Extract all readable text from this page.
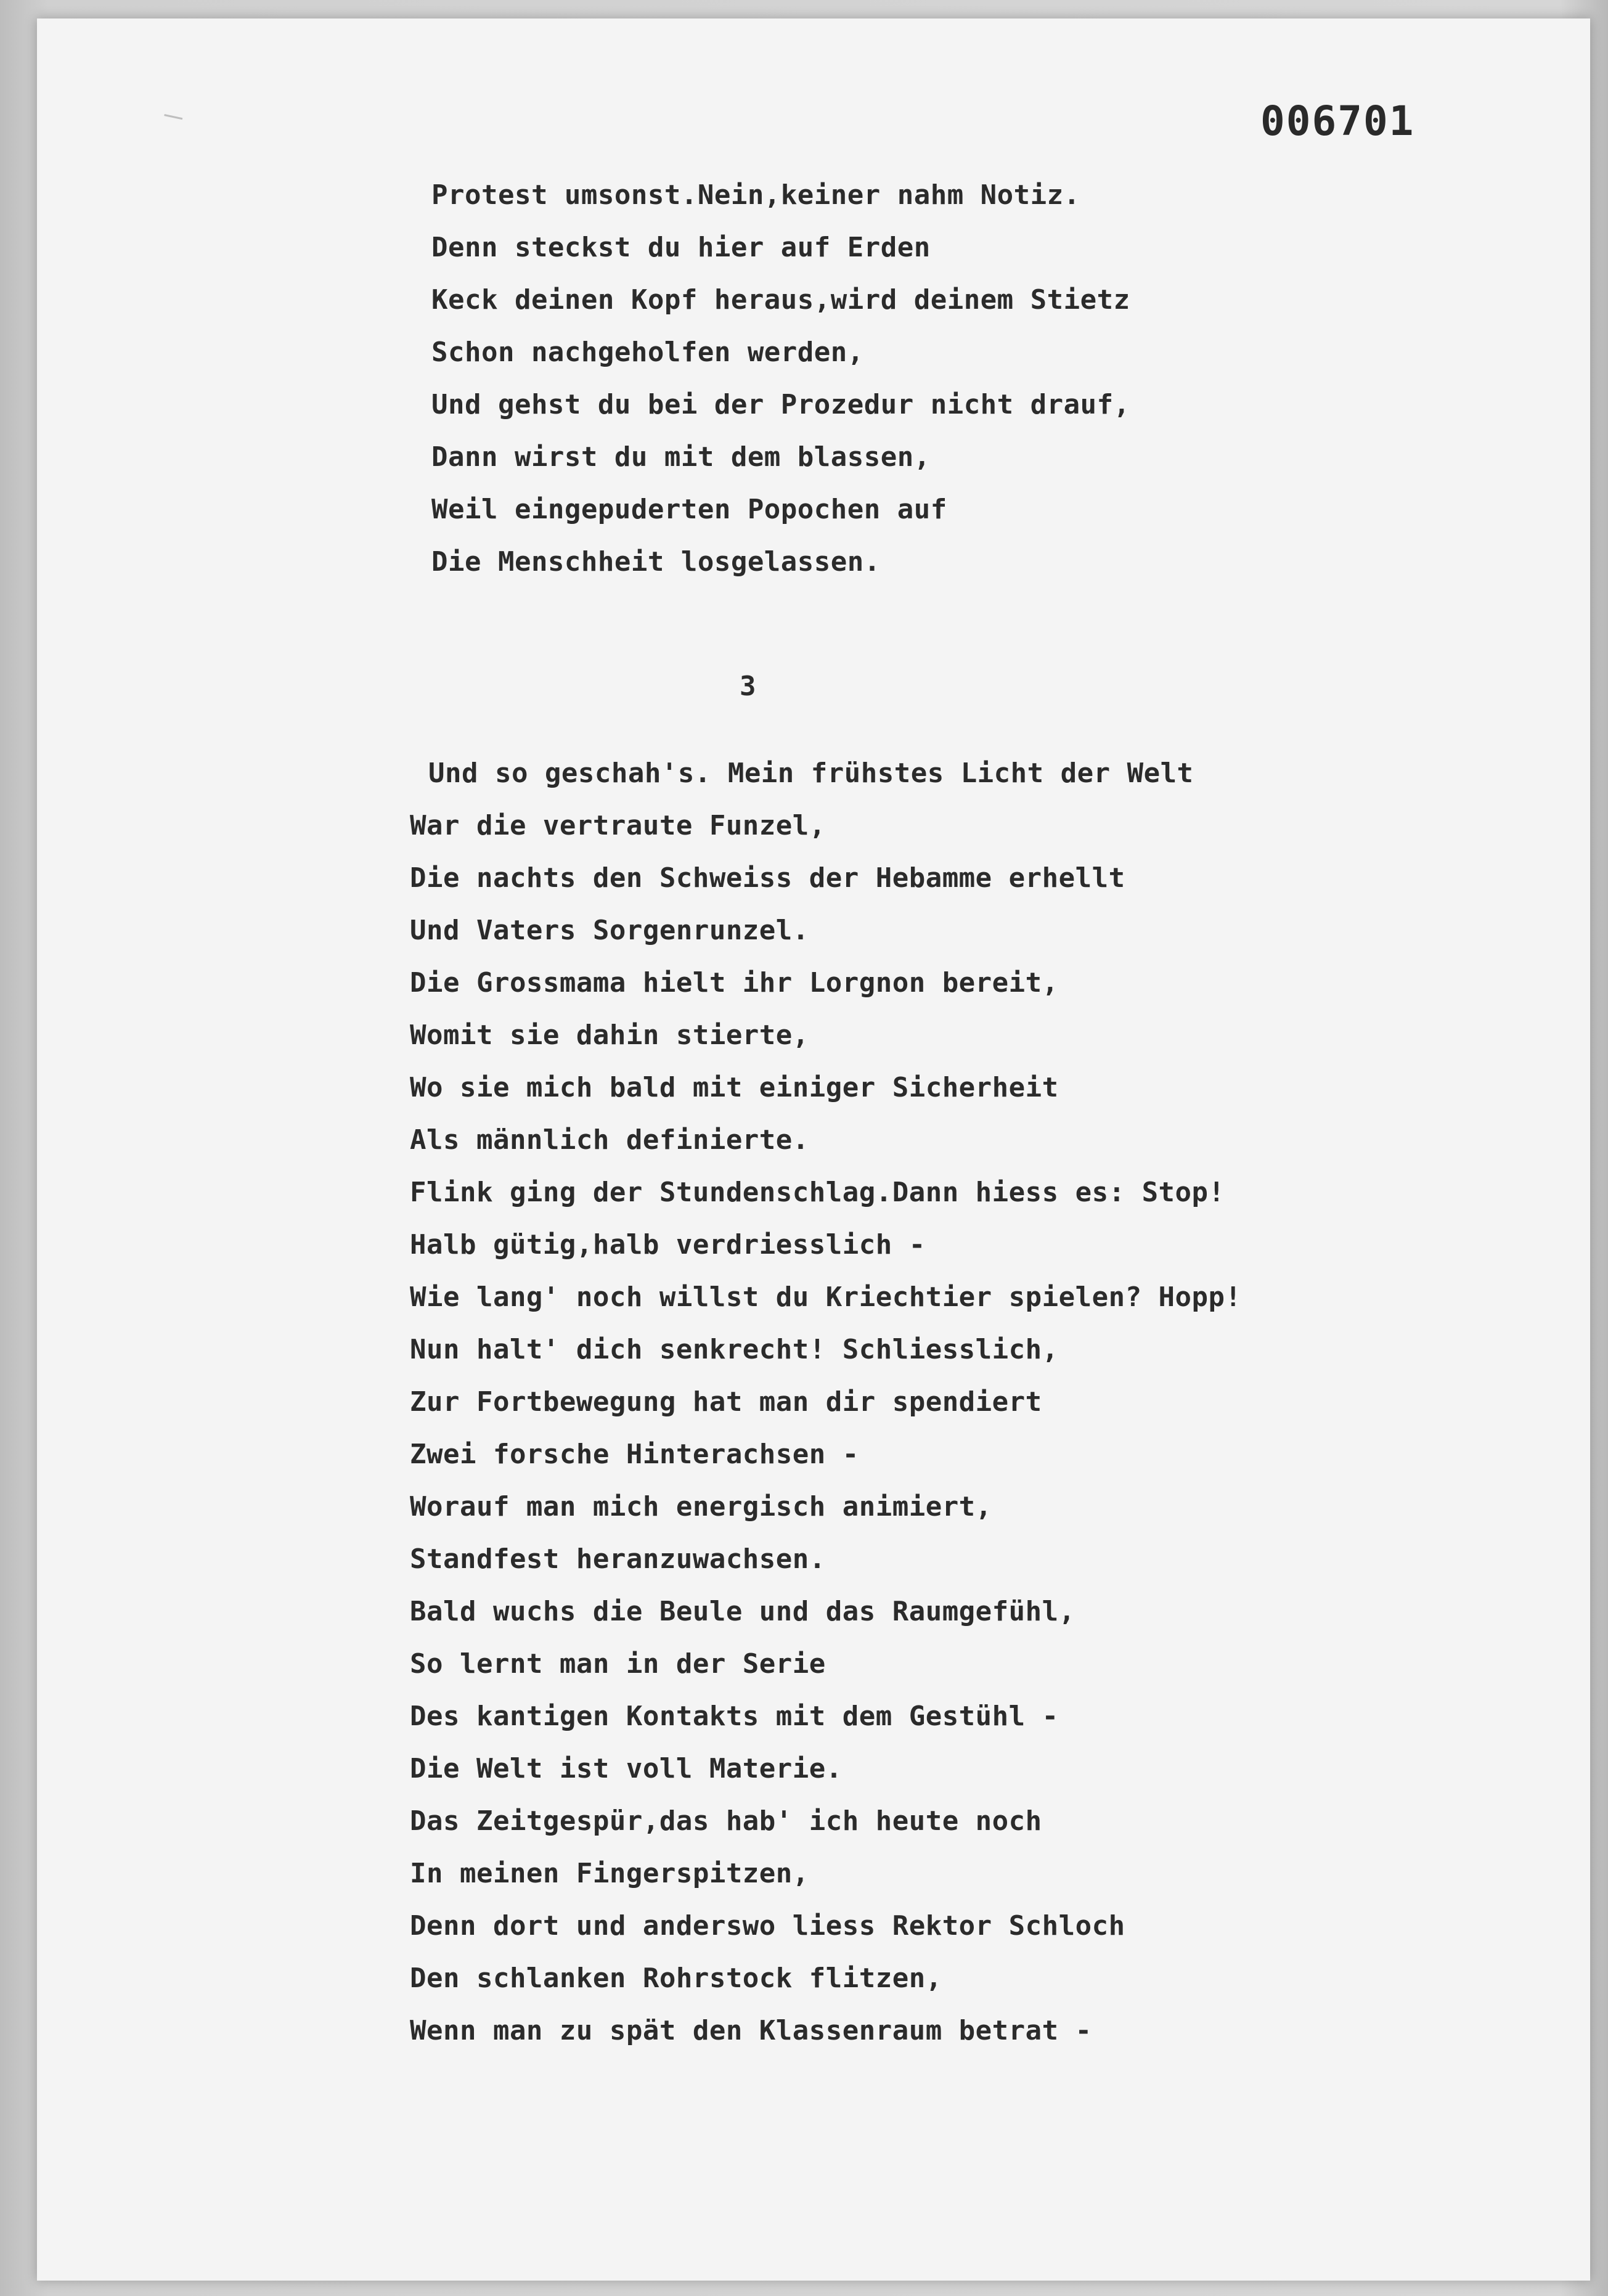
006701
Protest umsonst.Nein,keiner nahm Notiz.
Denn steckst du hier auf Erden
Keck deinen Kopf heraus,wird deinem Stietz
Schon nachgeholfen werden,
Und gehst du bei der Prozedur nicht drauf,
Dann wirst du mit dem blassen,
Weil eingepuderten Popochen auf
Die Menschheit losgelassen.
3
Und so geschah's. Mein frühstes Licht der Welt
War die vertraute Funzel,
Die nachts den Schweiss der Hebamme erhellt
Und Vaters Sorgenrunzel.
Die Grossmama hielt ihr Lorgnon bereit,
Womit sie dahin stierte,
Wo sie mich bald mit einiger Sicherheit
Als männlich definierte.
Flink ging der Stundenschlag.Dann hiess es: Stop!
Halb gütig,halb verdriesslich -
Wie lang' noch willst du Kriechtier spielen? Hopp!
Nun halt' dich senkrecht! Schliesslich,
Zur Fortbewegung hat man dir spendiert
Zwei forsche Hinterachsen -
Worauf man mich energisch animiert,
Standfest heranzuwachsen.
Bald wuchs die Beule und das Raumgefühl,
So lernt man in der Serie
Des kantigen Kontakts mit dem Gestühl -
Die Welt ist voll Materie.
Das Zeitgespür,das hab' ich heute noch
In meinen Fingerspitzen,
Denn dort und anderswo liess Rektor Schloch
Den schlanken Rohrstock flitzen,
Wenn man zu spät den Klassenraum betrat -
